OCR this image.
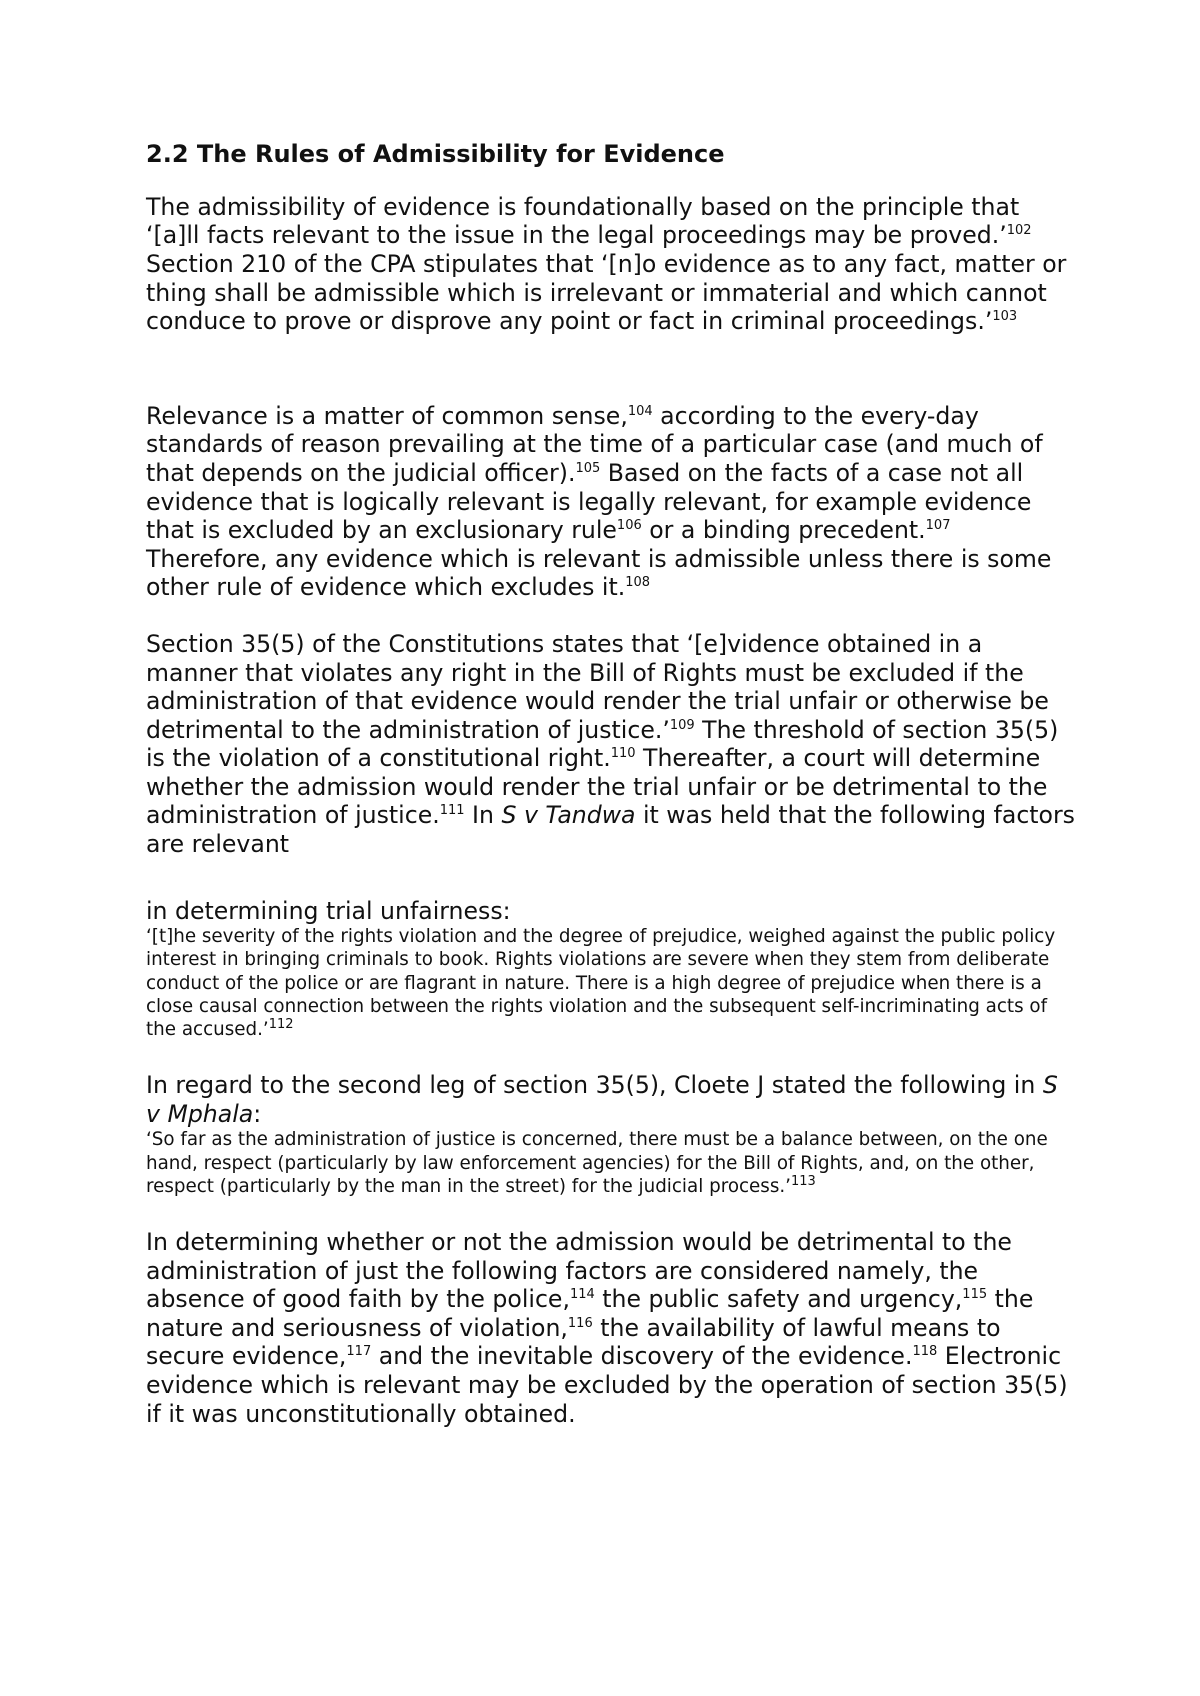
2.2 The Rules of Admissibility for Evidence

The admissibility of evidence is foundationally based on the principle that ‘[a]ll facts relevant to the issue in the legal proceedings may be proved.’$^{102}$ Section 210 of the CPA stipulates that ‘[n]o evidence as to any fact, matter or thing shall be admissible which is irrelevant or immaterial and which cannot conduce to prove or disprove any point or fact in criminal proceedings.’$^{103}$

Relevance is a matter of common sense,$^{104}$ according to the every-day standards of reason prevailing at the time of a particular case (and much of that depends on the judicial officer).$^{105}$ Based on the facts of a case not all evidence that is logically relevant is legally relevant, for example evidence that is excluded by an exclusionary rule$^{106}$ or a binding precedent.$^{107}$ Therefore, any evidence which is relevant is admissible unless there is some other rule of evidence which excludes it.$^{108}$

Section 35(5) of the Constitutions states that ‘[e]vidence obtained in a manner that violates any right in the Bill of Rights must be excluded if the administration of that evidence would render the trial unfair or otherwise be detrimental to the administration of justice.’$^{109}$ The threshold of section 35(5) is the violation of a constitutional right.$^{110}$ Thereafter, a court will determine whether the admission would render the trial unfair or be detrimental to the administration of justice.$^{111}$ In S v Tandwa it was held that the following factors are relevant

in determining trial unfairness:

‘[t]he severity of the rights violation and the degree of prejudice, weighed against the public policy interest in bringing criminals to book. Rights violations are severe when they stem from deliberate conduct of the police or are flagrant in nature. There is a high degree of prejudice when there is a close causal connection between the rights violation and the subsequent self-incriminating acts of the accused.’$^{112}$

In regard to the second leg of section 35(5), Cloete J stated the following in S v Mphala:

‘So far as the administration of justice is concerned, there must be a balance between, on the one hand, respect (particularly by law enforcement agencies) for the Bill of Rights, and, on the other, respect (particularly by the man in the street) for the judicial process.’$^{113}$

In determining whether or not the admission would be detrimental to the administration of just the following factors are considered namely, the absence of good faith by the police,$^{114}$ the public safety and urgency,$^{115}$ the nature and seriousness of violation,$^{116}$ the availability of lawful means to secure evidence,$^{117}$ and the inevitable discovery of the evidence.$^{118}$ Electronic evidence which is relevant may be excluded by the operation of section 35(5) if it was unconstitutionally obtained.
